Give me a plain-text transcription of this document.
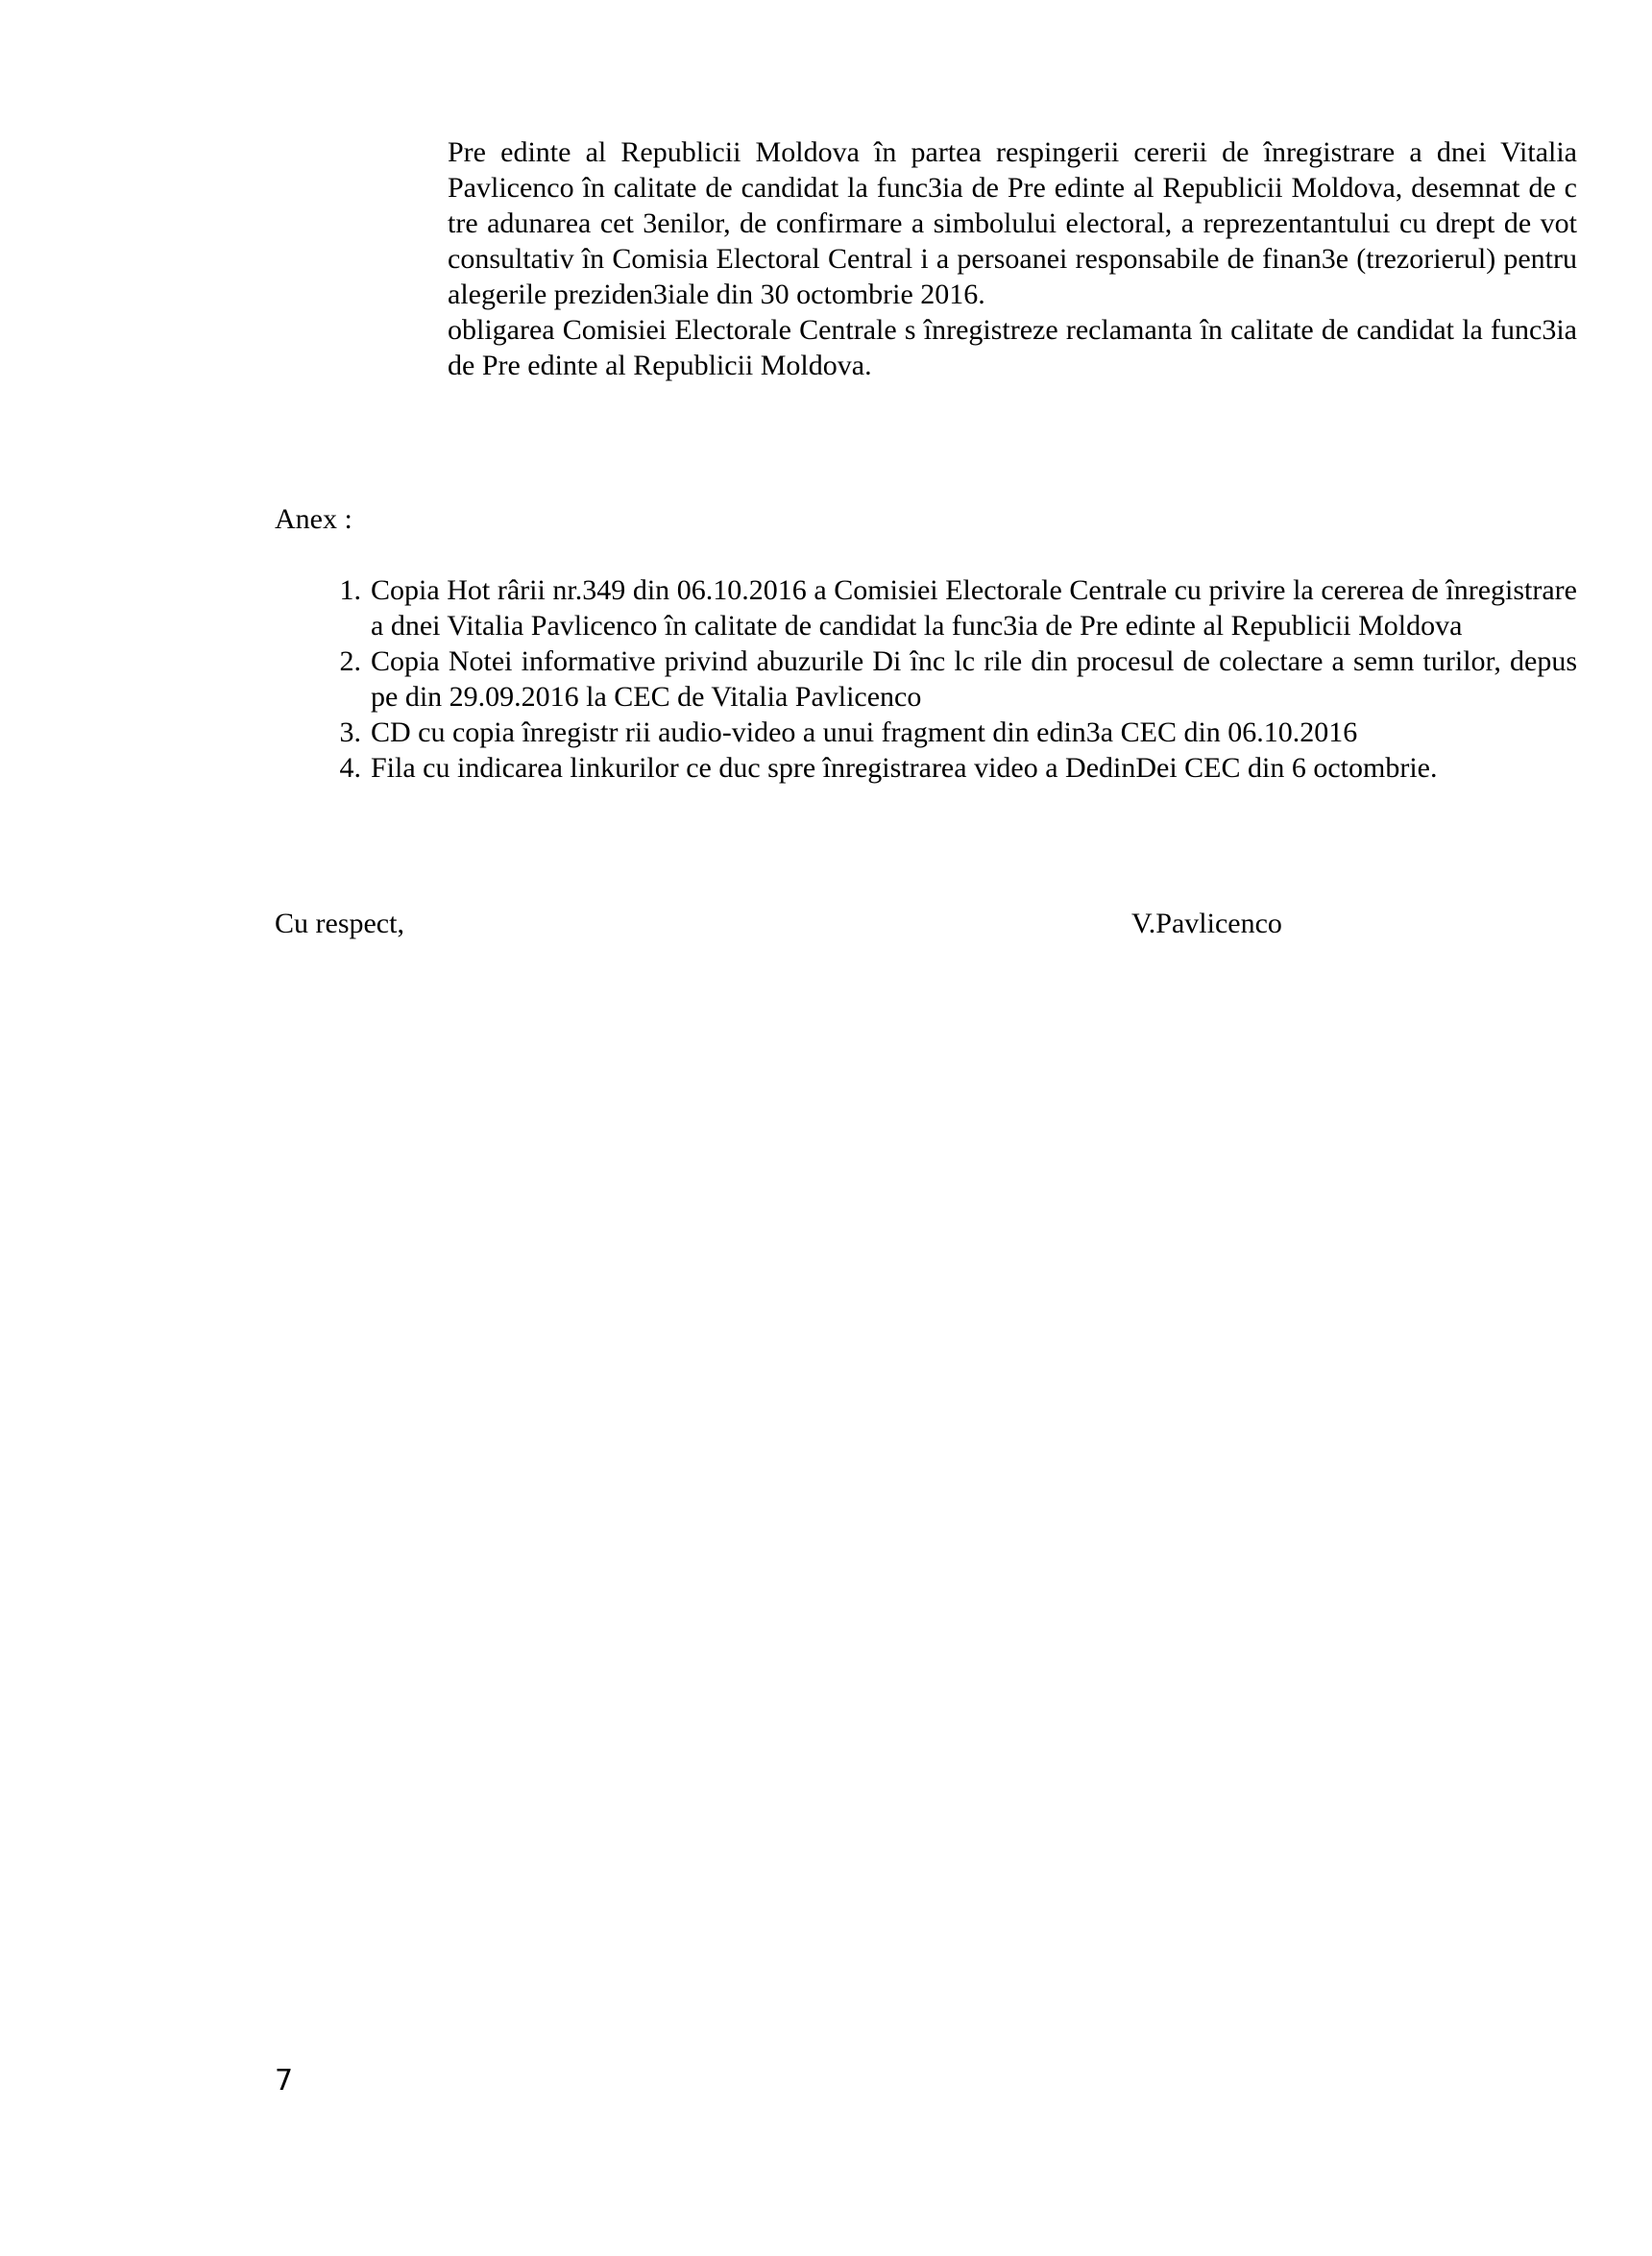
Pre edinte al Republicii Moldova în partea respingerii cererii de înregistrare a dnei Vitalia Pavlicenco în calitate de candidat la func3ia de Pre edinte al Republicii Moldova, desemnat de c tre adunarea cet 3enilor, de confirmare a simbolului electoral, a reprezentantului cu drept de vot consultativ în Comisia Electoral Central i a persoanei responsabile de finan3e (trezorierul) pentru alegerile preziden3iale din 30 octombrie 2016.

obligarea Comisiei Electorale Centrale s înregistreze reclamanta în calitate de candidat la func3ia de Pre edinte al Republicii Moldova.

Anex :
1. Copia Hot rârii nr.349 din 06.10.2016 a Comisiei Electorale Centrale cu privire la cererea de înregistrare a dnei Vitalia Pavlicenco în calitate de candidat la func3ia de Pre edinte al Republicii Moldova
2. Copia Notei informative privind abuzurile Di înc lc rile din procesul de colectare a semn turilor, depus pe din 29.09.2016 la CEC de Vitalia Pavlicenco
3. CD cu copia înregistr rii audio-video a unui fragment din edin3a CEC din 06.10.2016
4. Fila cu indicarea linkurilor ce duc spre înregistrarea video a DedinDei CEC din 6 octombrie.
Cu respect,	V.Pavlicenco
7
